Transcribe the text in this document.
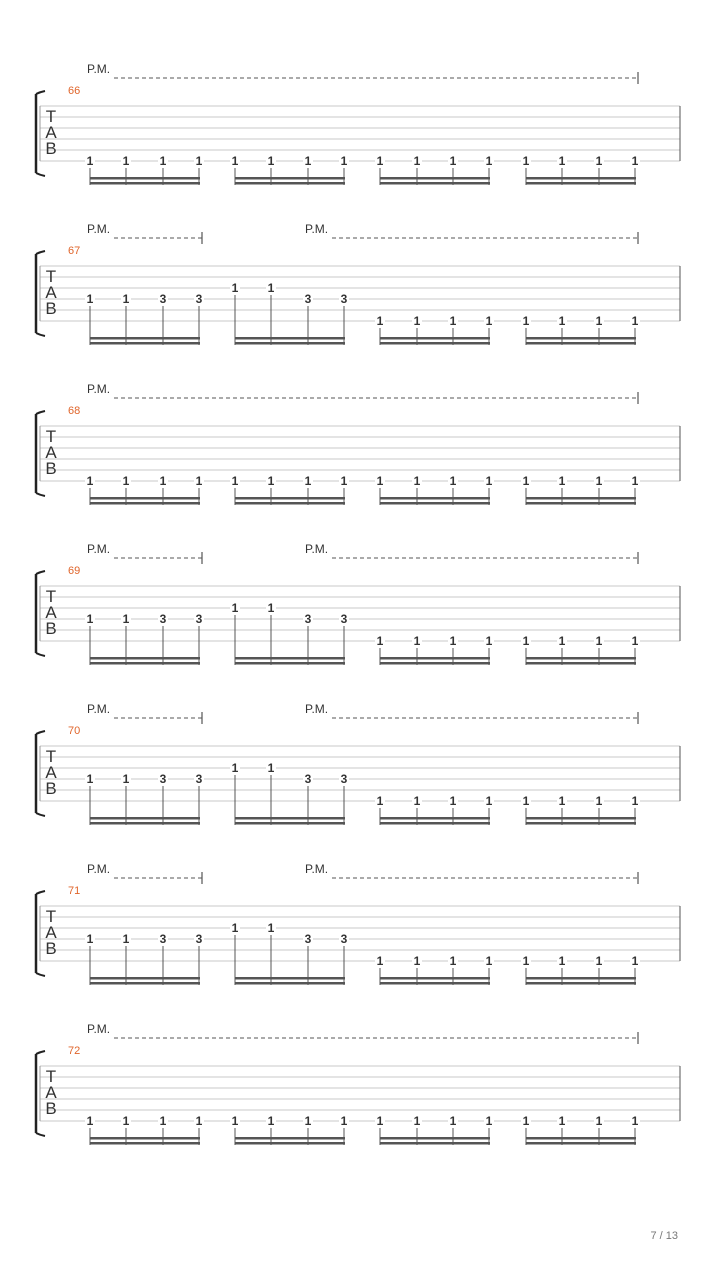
P.M.
66
T
A
B
1 1	1 1 1 1	1 1 1	1 1 1	1 1	1 1
P.M.	P.M.
67
T
A
B 1 1	3 3
1 1
3 3
1	1 1 1	1 1	1 1
P.M.
68
T
A
B
1 1	1 1 1 1	1 1 1	1 1 1	1 1	1 1
P.M.	P.M.
69
T
A
B 1 1	3 3
1 1
3 3
1	1 1 1	1 1	1 1
P.M.	P.M.
70
T
A
B 1 1	3 3
1 1
3 3
1	1 1 1	1 1	1 1
P.M.	P.M.
71
T
A
B 1 1	3 3
1 1
3 3
1	1 1 1	1 1	1 1
P.M.
72
T
A
B
1 1	1 1 1 1	1 1 1	1 1 1	1 1	1 1
7 / 13
